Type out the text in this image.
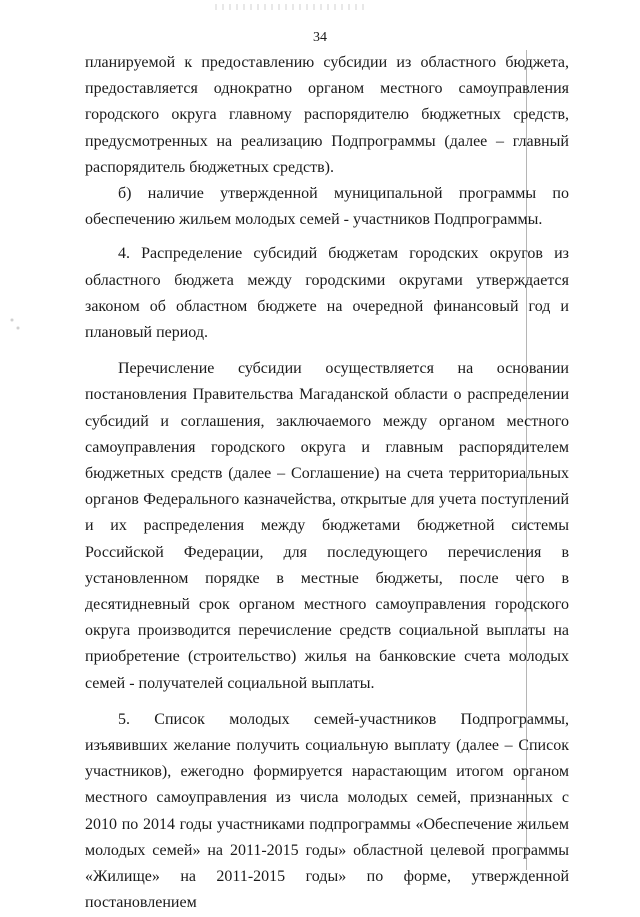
34

планируемой к предоставлению субсидии из областного бюджета, предоставляется однократно органом местного самоуправления городского округа главному распорядителю бюджетных средств, предусмотренных на реализацию Подпрограммы (далее – главный распорядитель бюджетных средств).

б) наличие утвержденной муниципальной программы по обеспечению жильем молодых семей - участников Подпрограммы.

4. Распределение субсидий бюджетам городских округов из областного бюджета между городскими округами утверждается законом об областном бюджете на очередной финансовый год и плановый период.

Перечисление субсидии осуществляется на основании постановления Правительства Магаданской области о распределении субсидий и соглашения, заключаемого между органом местного самоуправления городского округа и главным распорядителем бюджетных средств (далее – Соглашение) на счета территориальных органов Федерального казначейства, открытые для учета поступлений и их распределения между бюджетами бюджетной системы Российской Федерации, для последующего перечисления в установленном порядке в местные бюджеты, после чего в десятидневный срок органом местного самоуправления городского округа производится перечисление средств социальной выплаты на приобретение (строительство) жилья на банковские счета молодых семей - получателей социальной выплаты.

5. Список молодых семей-участников Подпрограммы, изъявивших желание получить социальную выплату (далее – Список участников), ежегодно формируется нарастающим итогом органом местного самоуправления из числа молодых семей, признанных с 2010 по 2014 годы участниками подпрограммы «Обеспечение жильем молодых семей» на 2011-2015 годы» областной целевой программы «Жилище» на 2011-2015 годы» по форме, утвержденной постановлением
